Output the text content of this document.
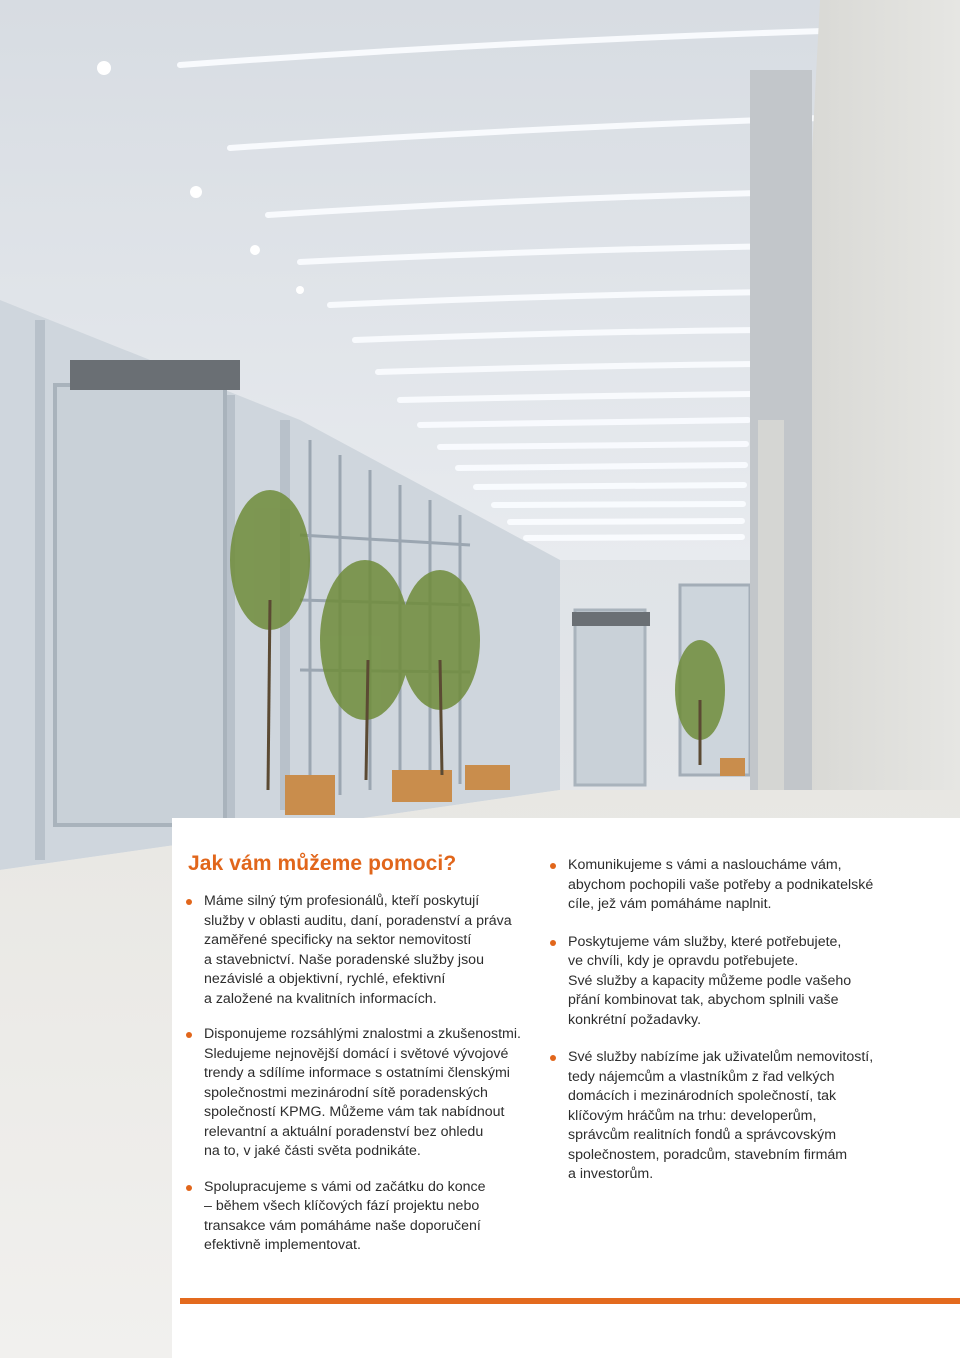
Jak vám můžeme pomoci?
Máme silný tým profesionálů, kteří poskytují
služby v oblasti auditu, daní, poradenství a práva
zaměřené specificky na sektor nemovitostí
a stavebnictví. Naše poradenské služby jsou
nezávislé a objektivní, rychlé, efektivní
a založené na kvalitních informacích.
Disponujeme rozsáhlými znalostmi a zkušenostmi.
Sledujeme nejnovější domácí i světové vývojové
trendy a sdílíme informace s ostatními členskými
společnostmi mezinárodní sítě poradenských
společností KPMG. Můžeme vám tak nabídnout
relevantní a aktuální poradenství bez ohledu
na to, v jaké části světa podnikáte.
Spolupracujeme s vámi od začátku do konce
– během všech klíčových fází projektu nebo
transakce vám pomáháme naše doporučení
efektivně implementovat.
Komunikujeme s vámi a nasloucháme vám,
abychom pochopili vaše potřeby a podnikatelské
cíle, jež vám pomáháme naplnit.
Poskytujeme vám služby, které potřebujete,
ve chvíli, kdy je opravdu potřebujete.
Své služby a kapacity můžeme podle vašeho
přání kombinovat tak, abychom splnili vaše
konkrétní požadavky.
Své služby nabízíme jak uživatelům nemovitostí,
tedy nájemcům a vlastníkům z řad velkých
domácích i mezinárodních společností, tak
klíčovým hráčům na trhu: developerům,
správcům realitních fondů a správcovským
společnostem, poradcům, stavebním firmám
a investorům.
